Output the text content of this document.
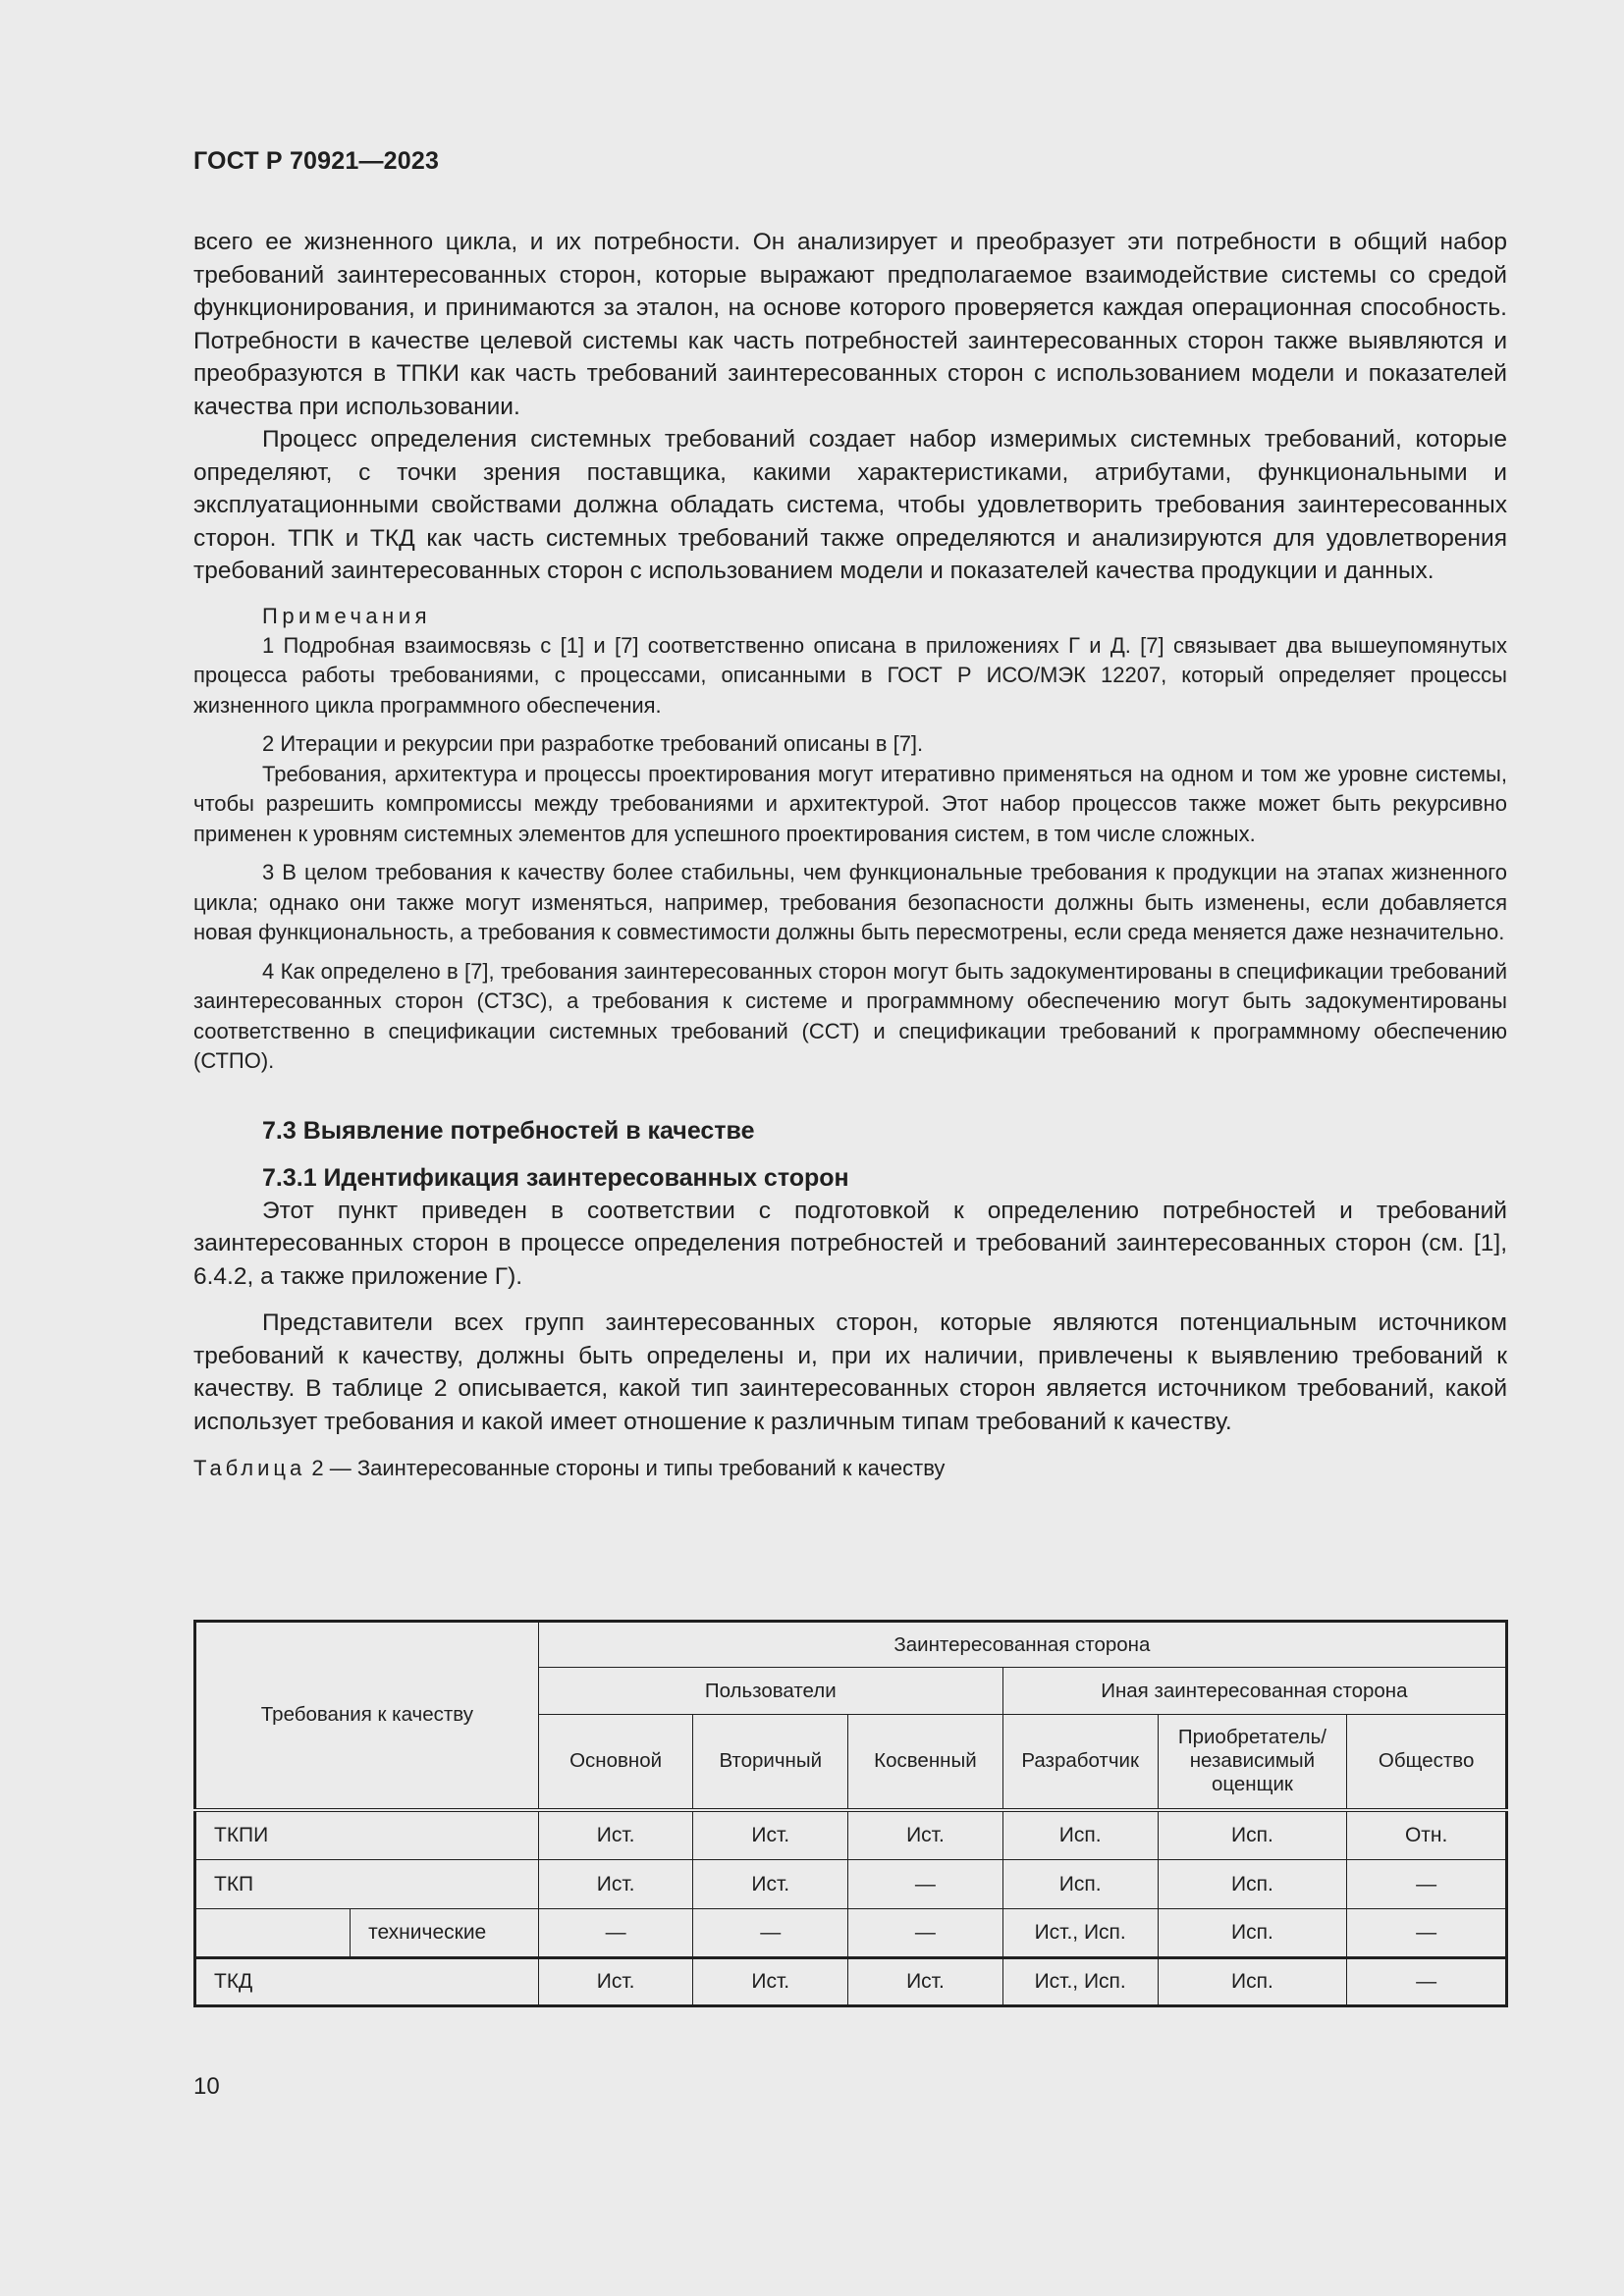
ГОСТ Р 70921—2023

всего ее жизненного цикла, и их потребности. Он анализирует и преобразует эти потребности в общий набор требований заинтересованных сторон, которые выражают предполагаемое взаимодействие системы со средой функционирования, и принимаются за эталон, на основе которого проверяется каждая операционная способность. Потребности в качестве целевой системы как часть потребностей заинтересованных сторон также выявляются и преобразуются в ТПКИ как часть требований заинтересованных сторон с использованием модели и показателей качества при использовании.

Процесс определения системных требований создает набор измеримых системных требований, которые определяют, с точки зрения поставщика, какими характеристиками, атрибутами, функциональными и эксплуатационными свойствами должна обладать система, чтобы удовлетворить требования заинтересованных сторон. ТПК и ТКД как часть системных требований также определяются и анализируются для удовлетворения требований заинтересованных сторон с использованием модели и показателей качества продукции и данных.

Примечания

1 Подробная взаимосвязь с [1] и [7] соответственно описана в приложениях Г и Д. [7] связывает два вышеупомянутых процесса работы требованиями, с процессами, описанными в ГОСТ Р ИСО/МЭК 12207, который определяет процессы жизненного цикла программного обеспечения.

2 Итерации и рекурсии при разработке требований описаны в [7].

Требования, архитектура и процессы проектирования могут итеративно применяться на одном и том же уровне системы, чтобы разрешить компромиссы между требованиями и архитектурой. Этот набор процессов также может быть рекурсивно применен к уровням системных элементов для успешного проектирования систем, в том числе сложных.

3 В целом требования к качеству более стабильны, чем функциональные требования к продукции на этапах жизненного цикла; однако они также могут изменяться, например, требования безопасности должны быть изменены, если добавляется новая функциональность, а требования к совместимости должны быть пересмотрены, если среда меняется даже незначительно.

4 Как определено в [7], требования заинтересованных сторон могут быть задокументированы в спецификации требований заинтересованных сторон (СТЗС), а требования к системе и программному обеспечению могут быть задокументированы соответственно в спецификации системных требований (ССТ) и спецификации требований к программному обеспечению (СТПО).

7.3 Выявление потребностей в качестве
7.3.1 Идентификация заинтересованных сторон

Этот пункт приведен в соответствии с подготовкой к определению потребностей и требований заинтересованных сторон в процессе определения потребностей и требований заинтересованных сторон (см. [1], 6.4.2, а также приложение Г).

Представители всех групп заинтересованных сторон, которые являются потенциальным источником требований к качеству, должны быть определены и, при их наличии, привлечены к выявлению требований к качеству. В таблице 2 описывается, какой тип заинтересованных сторон является источником требований, какой использует требования и какой имеет отношение к различным типам требований к качеству.

Таблица 2 — Заинтересованные стороны и типы требований к качеству
Требования к качеству		Заинтересованная сторона					
		Пользователи			Иная заинтересованная сторона		
		Основной	Вторичный	Косвенный	Разработчик	Приобретатель/ независимый оценщик	Общество
ТКПИ		Ист.	Ист.	Ист.	Исп.	Исп.	Отн.
ТКП		Ист.	Ист.	—	Исп.	Исп.	—
	технические	—	—	—	Ист., Исп.	Исп.	—
ТКД		Ист.	Ист.	Ист.	Ист., Исп.	Исп.	—
10
